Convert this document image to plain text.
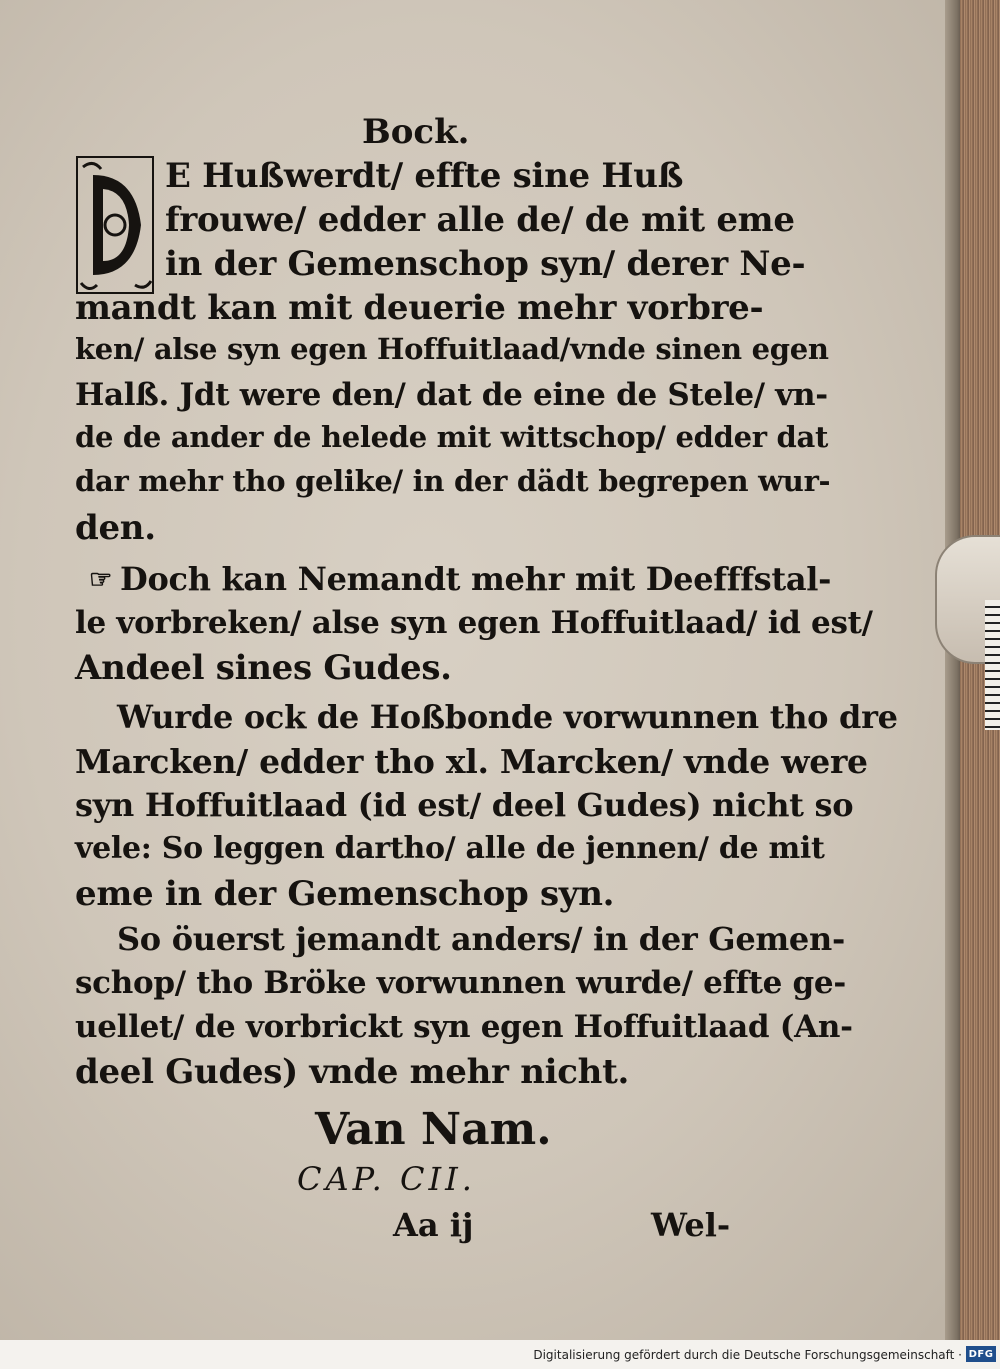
Bock.
E Hußwerdt/ effte sine Huß
frouwe/ edder alle de/ de mit eme
in der Gemenschop syn/ derer Ne-
mandt kan mit deuerie mehr vorbre-
ken/ alse syn egen Hoffuitlaad/vnde sinen egen
Halß. Jdt were den/ dat de eine de Stele/ vn-
de de ander de helede mit wittschop/ edder dat
dar mehr tho gelike/ in der dädt begrepen wur-
den.
☞ Doch kan Nemandt mehr mit Deefffstal-
le vorbreken/ alse syn egen Hoffuitlaad/ id est/
Andeel sines Gudes.
Wurde ock de Hoßbonde vorwunnen tho dre
Marcken/ edder tho xl. Marcken/ vnde were
syn Hoffuitlaad (id est/ deel Gudes) nicht so
vele: So leggen dartho/ alle de jennen/ de mit
eme in der Gemenschop syn.
So öuerst jemandt anders/ in der Gemen-
schop/ tho Bröke vorwunnen wurde/ effte ge-
uellet/ de vorbrickt syn egen Hoffuitlaad (An-
deel Gudes) vnde mehr nicht.
Van Nam.
CAP. CII.
Aa ij	Wel-
Digitalisierung gefördert durch die Deutsche Forschungsgemeinschaft · DFG
